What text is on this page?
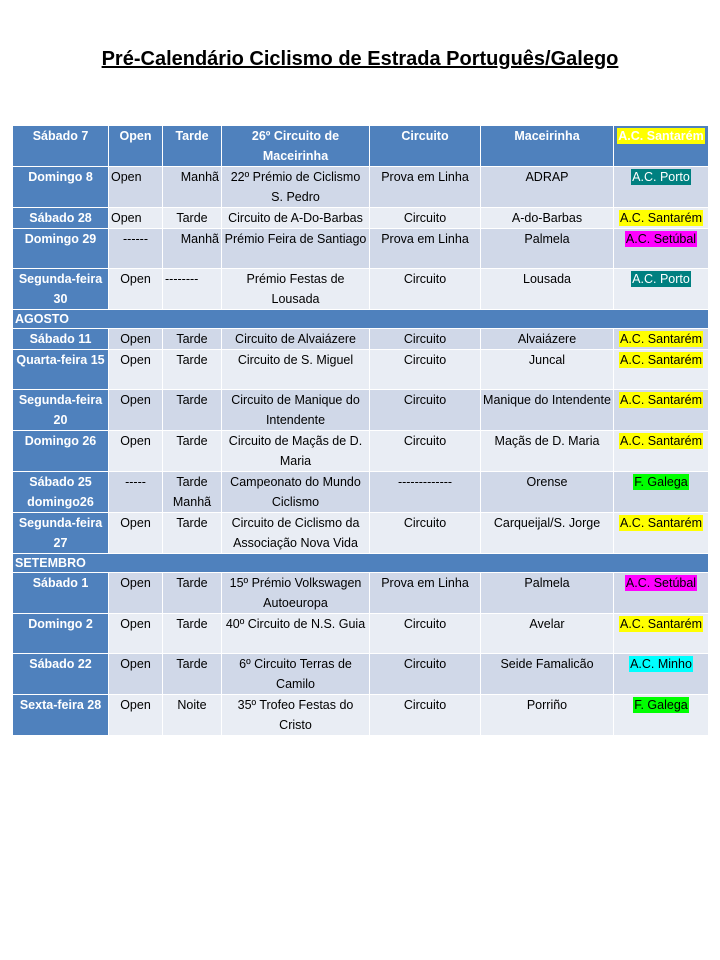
Pré-Calendário Ciclismo de Estrada Português/Galego
Sábado 7	Open	Tarde	26º Circuito de Maceirinha	Circuito	Maceirinha	A.C. Santarém
Domingo 8	Open	Manhã	22º Prémio de Ciclismo S. Pedro	Prova em Linha	ADRAP	A.C. Porto
Sábado 28	Open	Tarde	Circuito de A-Do-Barbas	Circuito	A-do-Barbas	A.C. Santarém
Domingo 29	------	Manhã	Prémio Feira de Santiago	Prova em Linha	Palmela	A.C. Setúbal
Segunda-feira 30	Open	--------	Prémio Festas de Lousada	Circuito	Lousada	A.C. Porto
AGOSTO						
Sábado 11	Open	Tarde	Circuito de Alvaiázere	Circuito	Alvaiázere	A.C. Santarém
Quarta-feira 15	Open	Tarde	Circuito de S. Miguel	Circuito	Juncal	A.C. Santarém
Segunda-feira 20	Open	Tarde	Circuito de Manique do Intendente	Circuito	Manique do Intendente	A.C. Santarém
Domingo 26	Open	Tarde	Circuito de Maçãs de D. Maria	Circuito	Maçãs de D. Maria	A.C. Santarém
Sábado 25 domingo26	-----	Tarde Manhã	Campeonato do Mundo Ciclismo	-------------	Orense	F. Galega
Segunda-feira 27	Open	Tarde	Circuito de Ciclismo da Associação Nova Vida	Circuito	Carqueijal/S. Jorge	A.C. Santarém
SETEMBRO						
Sábado 1	Open	Tarde	15º Prémio Volkswagen Autoeuropa	Prova em Linha	Palmela	A.C. Setúbal
Domingo 2	Open	Tarde	40º Circuito de N.S. Guia	Circuito	Avelar	A.C. Santarém
Sábado 22	Open	Tarde	6º Circuito Terras de Camilo	Circuito	Seide Famalicão	A.C. Minho
Sexta-feira 28	Open	Noite	35º Trofeo Festas do Cristo	Circuito	Porriño	F. Galega
